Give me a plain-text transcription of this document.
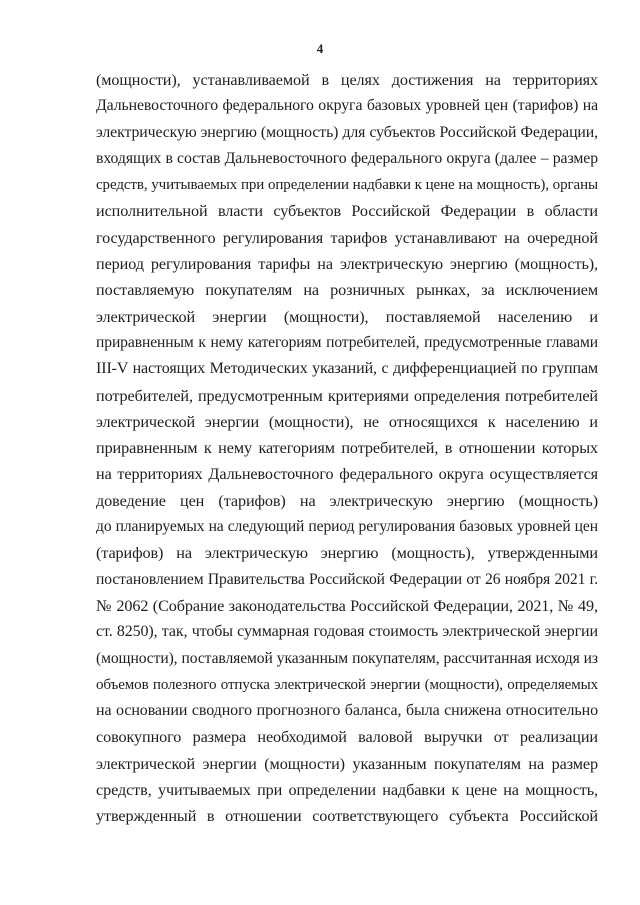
4
(мощности), устанавливаемой в целях достижения на территориях
Дальневосточного федерального округа базовых уровней цен (тарифов) на
электрическую энергию (мощность) для субъектов Российской Федерации,
входящих в состав Дальневосточного федерального округа (далее – размер
средств, учитываемых при определении надбавки к цене на мощность), органы
исполнительной власти субъектов Российской Федерации в области
государственного регулирования тарифов устанавливают на очередной
период регулирования тарифы на электрическую энергию (мощность),
поставляемую покупателям на розничных рынках, за исключением
электрической энергии (мощности), поставляемой населению и
приравненным к нему категориям потребителей, предусмотренные главами
III-V настоящих Методических указаний, с дифференциацией по группам
потребителей, предусмотренным критериями определения потребителей
электрической энергии (мощности), не относящихся к населению и
приравненным к нему категориям потребителей, в отношении которых
на территориях Дальневосточного федерального округа осуществляется
доведение цен (тарифов) на электрическую энергию (мощность)
до планируемых на следующий период регулирования базовых уровней цен
(тарифов) на электрическую энергию (мощность), утвержденными
постановлением Правительства Российской Федерации от 26 ноября 2021 г.
№ 2062 (Собрание законодательства Российской Федерации, 2021, № 49,
ст. 8250), так, чтобы суммарная годовая стоимость электрической энергии
(мощности), поставляемой указанным покупателям, рассчитанная исходя из
объемов полезного отпуска электрической энергии (мощности), определяемых
на основании сводного прогнозного баланса, была снижена относительно
совокупного размера необходимой валовой выручки от реализации
электрической энергии (мощности) указанным покупателям на размер
средств, учитываемых при определении надбавки к цене на мощность,
утвержденный в отношении соответствующего субъекта Российской
